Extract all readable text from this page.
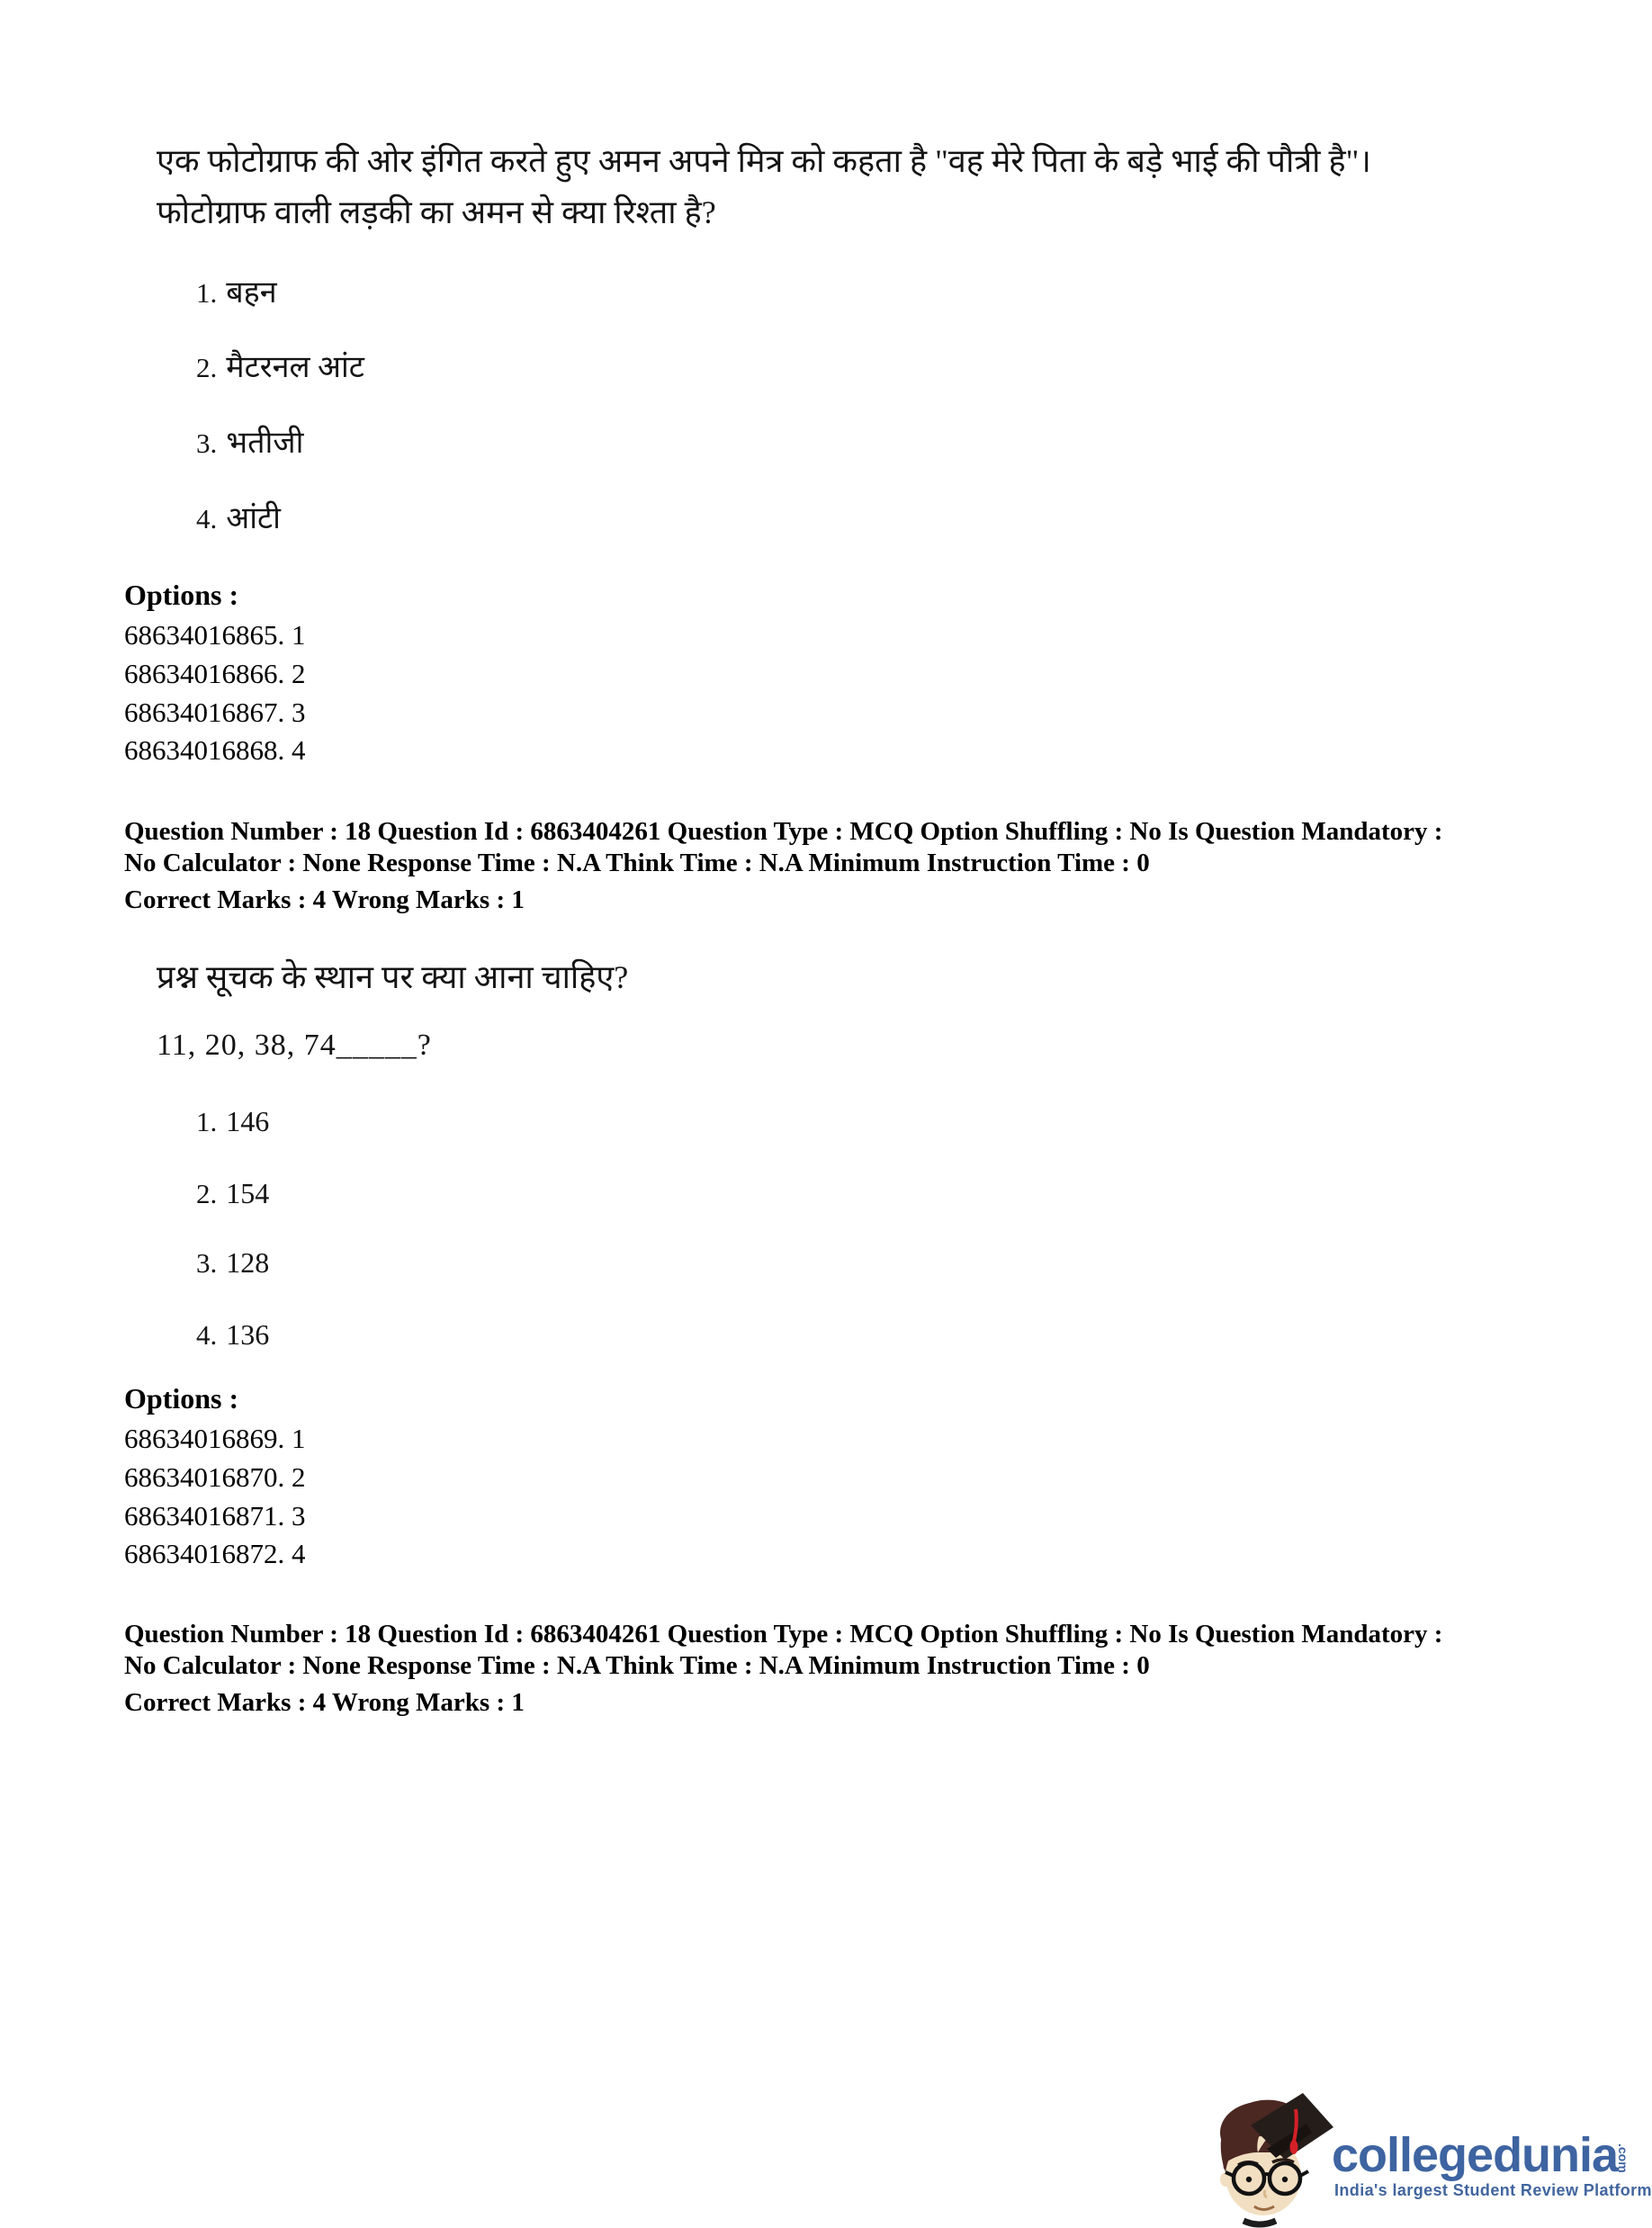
एक फोटोग्राफ की ओर इंगित करते हुए अमन अपने मित्र को कहता है "वह मेरे पिता के बड़े भाई की पौत्री है"।
फोटोग्राफ वाली लड़की का अमन से क्या रिश्ता है?
1. बहन
2. मैटरनल आंट
3. भतीजी
4. आंटी
Options :
68634016865. 1
68634016866. 2
68634016867. 3
68634016868. 4
Question Number : 18 Question Id : 6863404261 Question Type : MCQ Option Shuffling : No Is Question Mandatory :
No Calculator : None Response Time : N.A Think Time : N.A Minimum Instruction Time : 0
Correct Marks : 4 Wrong Marks : 1
प्रश्न सूचक के स्थान पर क्या आना चाहिए?
11, 20, 38, 74_____?
1. 146
2. 154
3. 128
4. 136
Options :
68634016869. 1
68634016870. 2
68634016871. 3
68634016872. 4
Question Number : 18 Question Id : 6863404261 Question Type : MCQ Option Shuffling : No Is Question Mandatory :
No Calculator : None Response Time : N.A Think Time : N.A Minimum Instruction Time : 0
Correct Marks : 4 Wrong Marks : 1
collegedunia
.com
India's largest Student Review Platform
